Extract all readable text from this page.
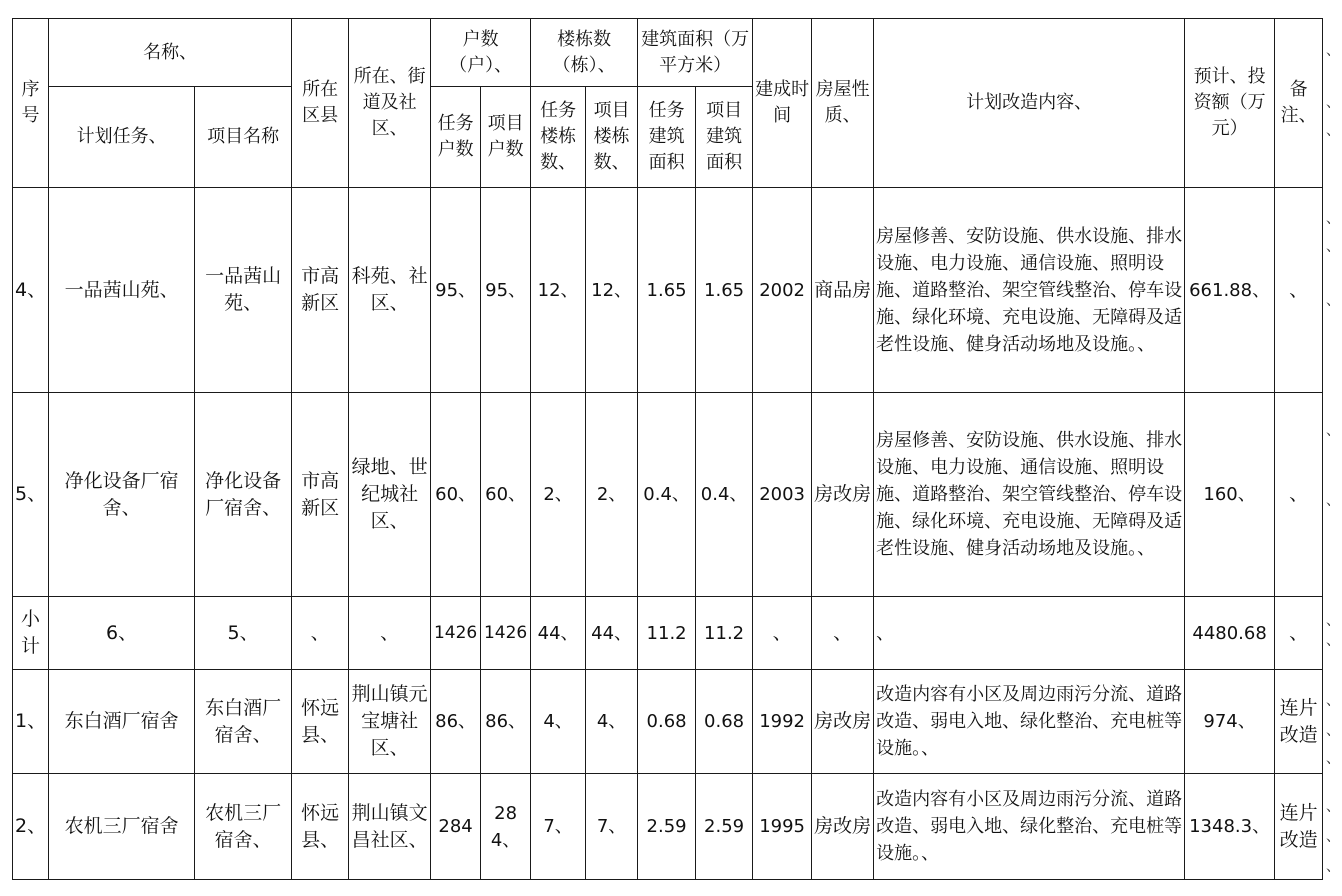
序号	名称、		所在区县	所在、街道及社区、	户数（户）、		楼栋数（栋）、		建筑面积（万平方米）		建成时间	房屋性质、	计划改造内容、	预计、投资额（万元）	备注、
	计划任务、	项目名称			任务户数	项目户数	任务楼栋数、	项目楼栋数、	任务建筑面积	项目建筑面积					
4、	一品茜山苑、	一品茜山苑、	市高新区	科苑、社区、	95、	95、	12、	12、	1.65	1.65	2002	商品房	房屋修善、安防设施、供水设施、排水设施、电力设施、通信设施、照明设施、道路整治、架空管线整治、停车设施、绿化环境、充电设施、无障碍及适老性设施、健身活动场地及设施。、	661.88、	、
5、	净化设备厂宿舍、	净化设备厂宿舍、	市高新区	绿地、世纪城社区、	60、	60、	2、	2、	0.4、	0.4、	2003	房改房	房屋修善、安防设施、供水设施、排水设施、电力设施、通信设施、照明设施、道路整治、架空管线整治、停车设施、绿化环境、充电设施、无障碍及适老性设施、健身活动场地及设施。、	160、	、
小计	6、	5、	、	、	1426	1426	44、	44、	11.2	11.2	、	、	、	4480.68	、
1、	东白酒厂宿舍	东白酒厂宿舍、	怀远县、	荆山镇元宝塘社区、	86、	86、	4、	4、	0.68	0.68	1992	房改房	改造内容有小区及周边雨污分流、道路改造、弱电入地、绿化整治、充电桩等设施。、	974、	连片改造
2、	农机三厂宿舍	农机三厂宿舍、	怀远县、	荆山镇文昌社区、	284	284、	7、	7、	2.59	2.59	1995	房改房	改造内容有小区及周边雨污分流、道路改造、弱电入地、绿化整治、充电桩等设施。、	1348.3、	连片改造
、
、
、
、
、
、
、
、
、
、
、
、
、
、
、
、
